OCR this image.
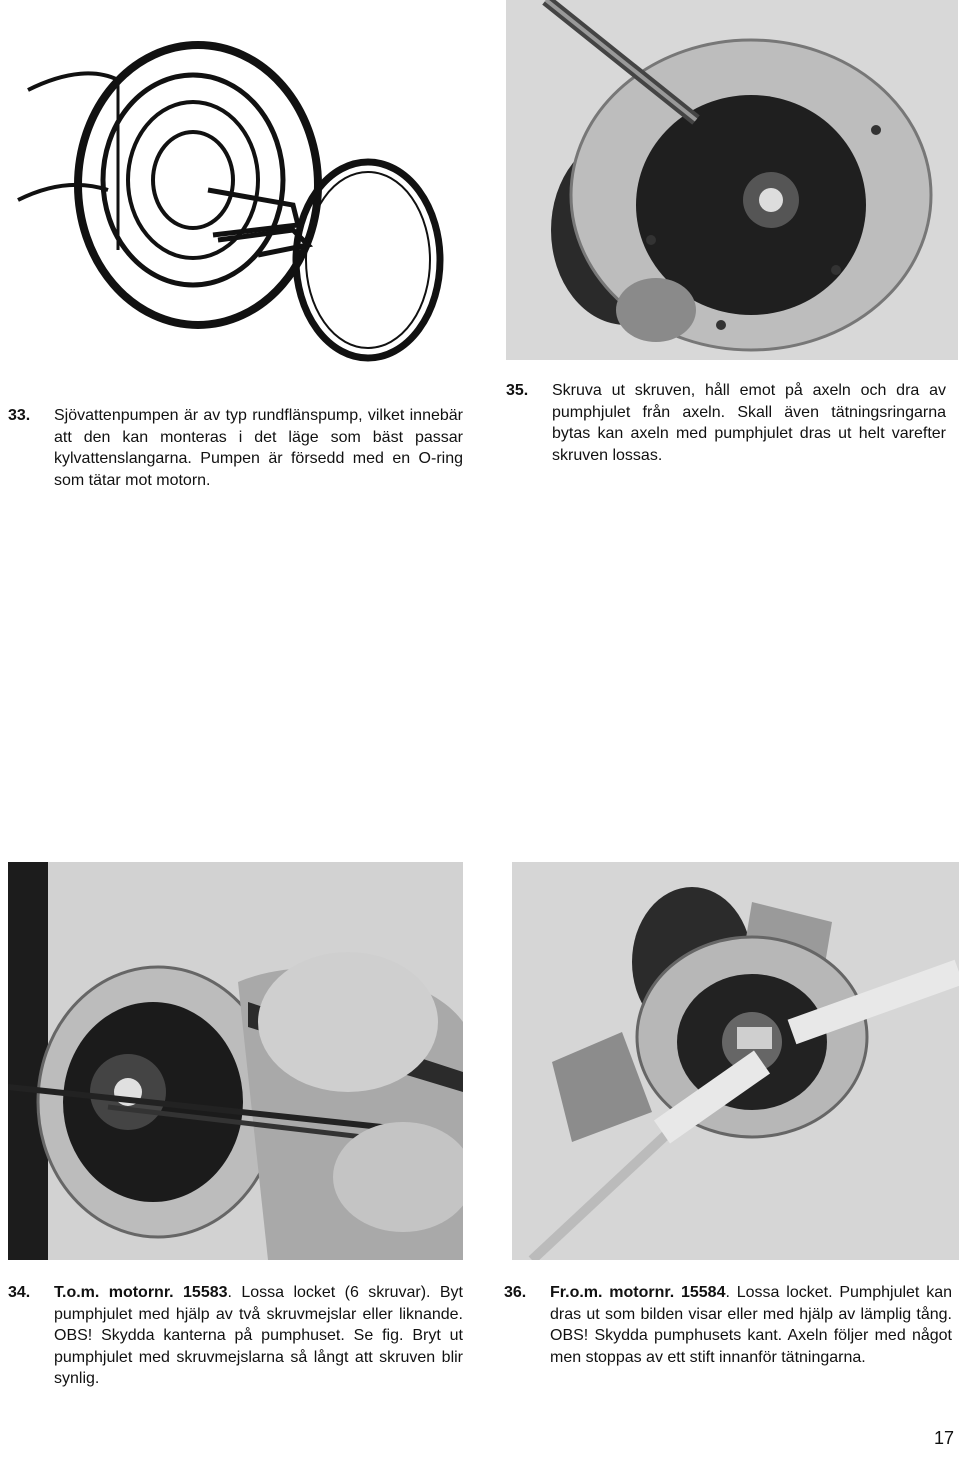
33. Sjövattenpumpen är av typ rundflänspump, vilket innebär att den kan monteras i det läge som bäst passar kylvattenslangarna. Pumpen är försedd med en O-ring som tätar mot motorn.
35. Skruva ut skruven, håll emot på axeln och dra av pumphjulet från axeln. Skall även tätningsringarna bytas kan axeln med pumphjulet dras ut helt varefter skruven lossas.
34. T.o.m. motornr. 15583. Lossa locket (6 skruvar). Byt pumphjulet med hjälp av två skruvmejslar eller liknande. OBS! Skydda kanterna på pumphuset. Se fig. Bryt ut pumphjulet med skruvmejslarna så långt att skruven blir synlig.
36. Fr.o.m. motornr. 15584. Lossa locket. Pumphjulet kan dras ut som bilden visar eller med hjälp av lämplig tång. OBS! Skydda pumphusets kant. Axeln följer med något men stoppas av ett stift innanför tätningarna.
17
